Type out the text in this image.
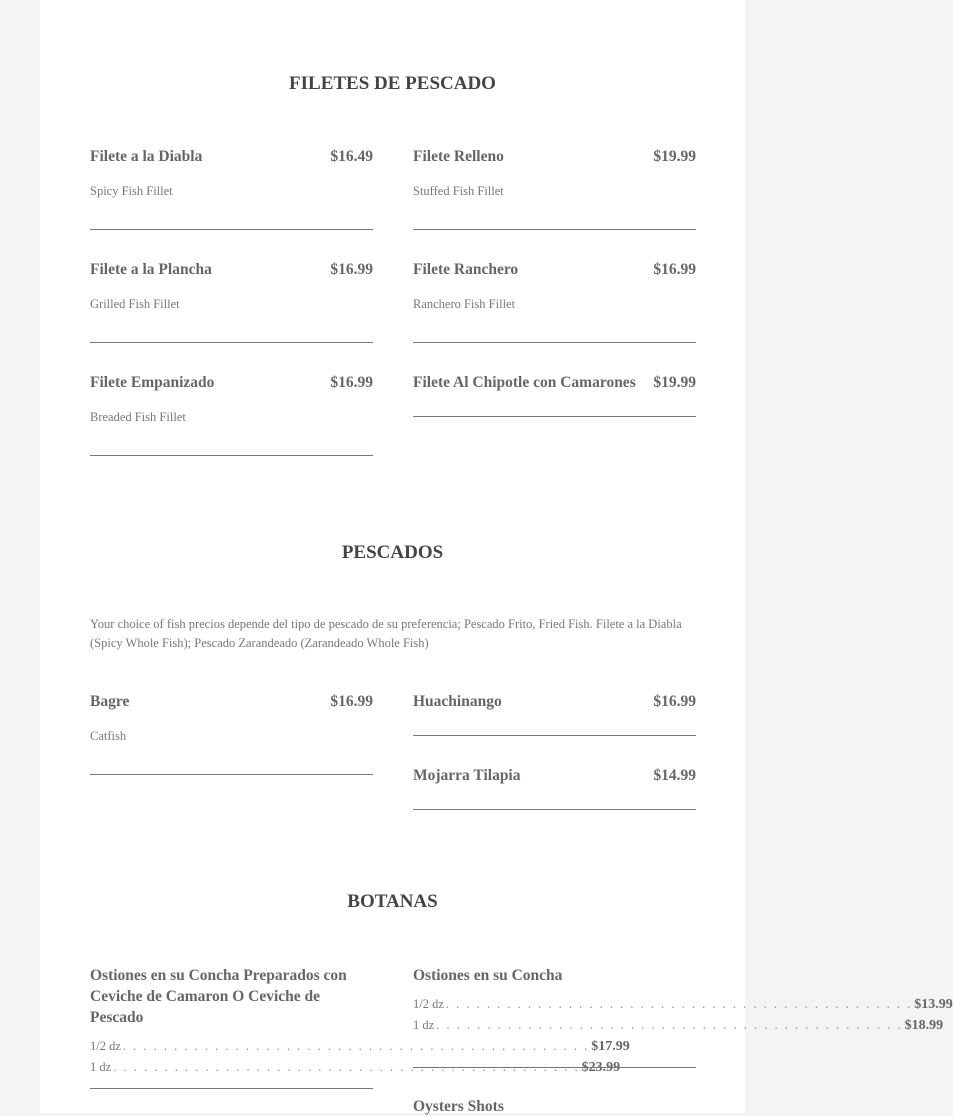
FILETES DE PESCADO
Filete a la Diabla	$16.49
Spicy Fish Fillet
Filete Relleno	$19.99
Stuffed Fish Fillet
Filete a la Plancha	$16.99
Grilled Fish Fillet
Filete Ranchero	$16.99
Ranchero Fish Fillet
Filete Empanizado	$16.99
Breaded Fish Fillet
Filete Al Chipotle con Camarones $19.99
PESCADOS
Your choice of fish precios depende del tipo de pescado de su preferencia; Pescado Frito, Fried Fish. Filete a la Diabla (Spicy Whole Fish); Pescado Zarandeado (Zarandeado Whole Fish)
Bagre	$16.99
Catfish
Huachinango	$16.99
Mojarra Tilapia	$14.99
BOTANAS
Ostiones en su Concha Preparados con Ceviche de Camaron O Ceviche de Pescado
1/2 dz . . . . . . . . . . . . . . . . . . . . . . . . . . . . . . . . . . . . . . . . . . . . . . $17.99
1 dz . . . . . . . . . . . . . . . . . . . . . . . . . . . . . . . . . . . . . . . . . . . . . . $23.99
Ostiones en su Concha
1/2 dz . . . . . . . . . . . . . . . . . . . . . . . . . . . . . . . . . . . . . . . . . . . . . . $13.99
1 dz . . . . . . . . . . . . . . . . . . . . . . . . . . . . . . . . . . . . . . . . . . . . . . $18.99
Oysters Shots
